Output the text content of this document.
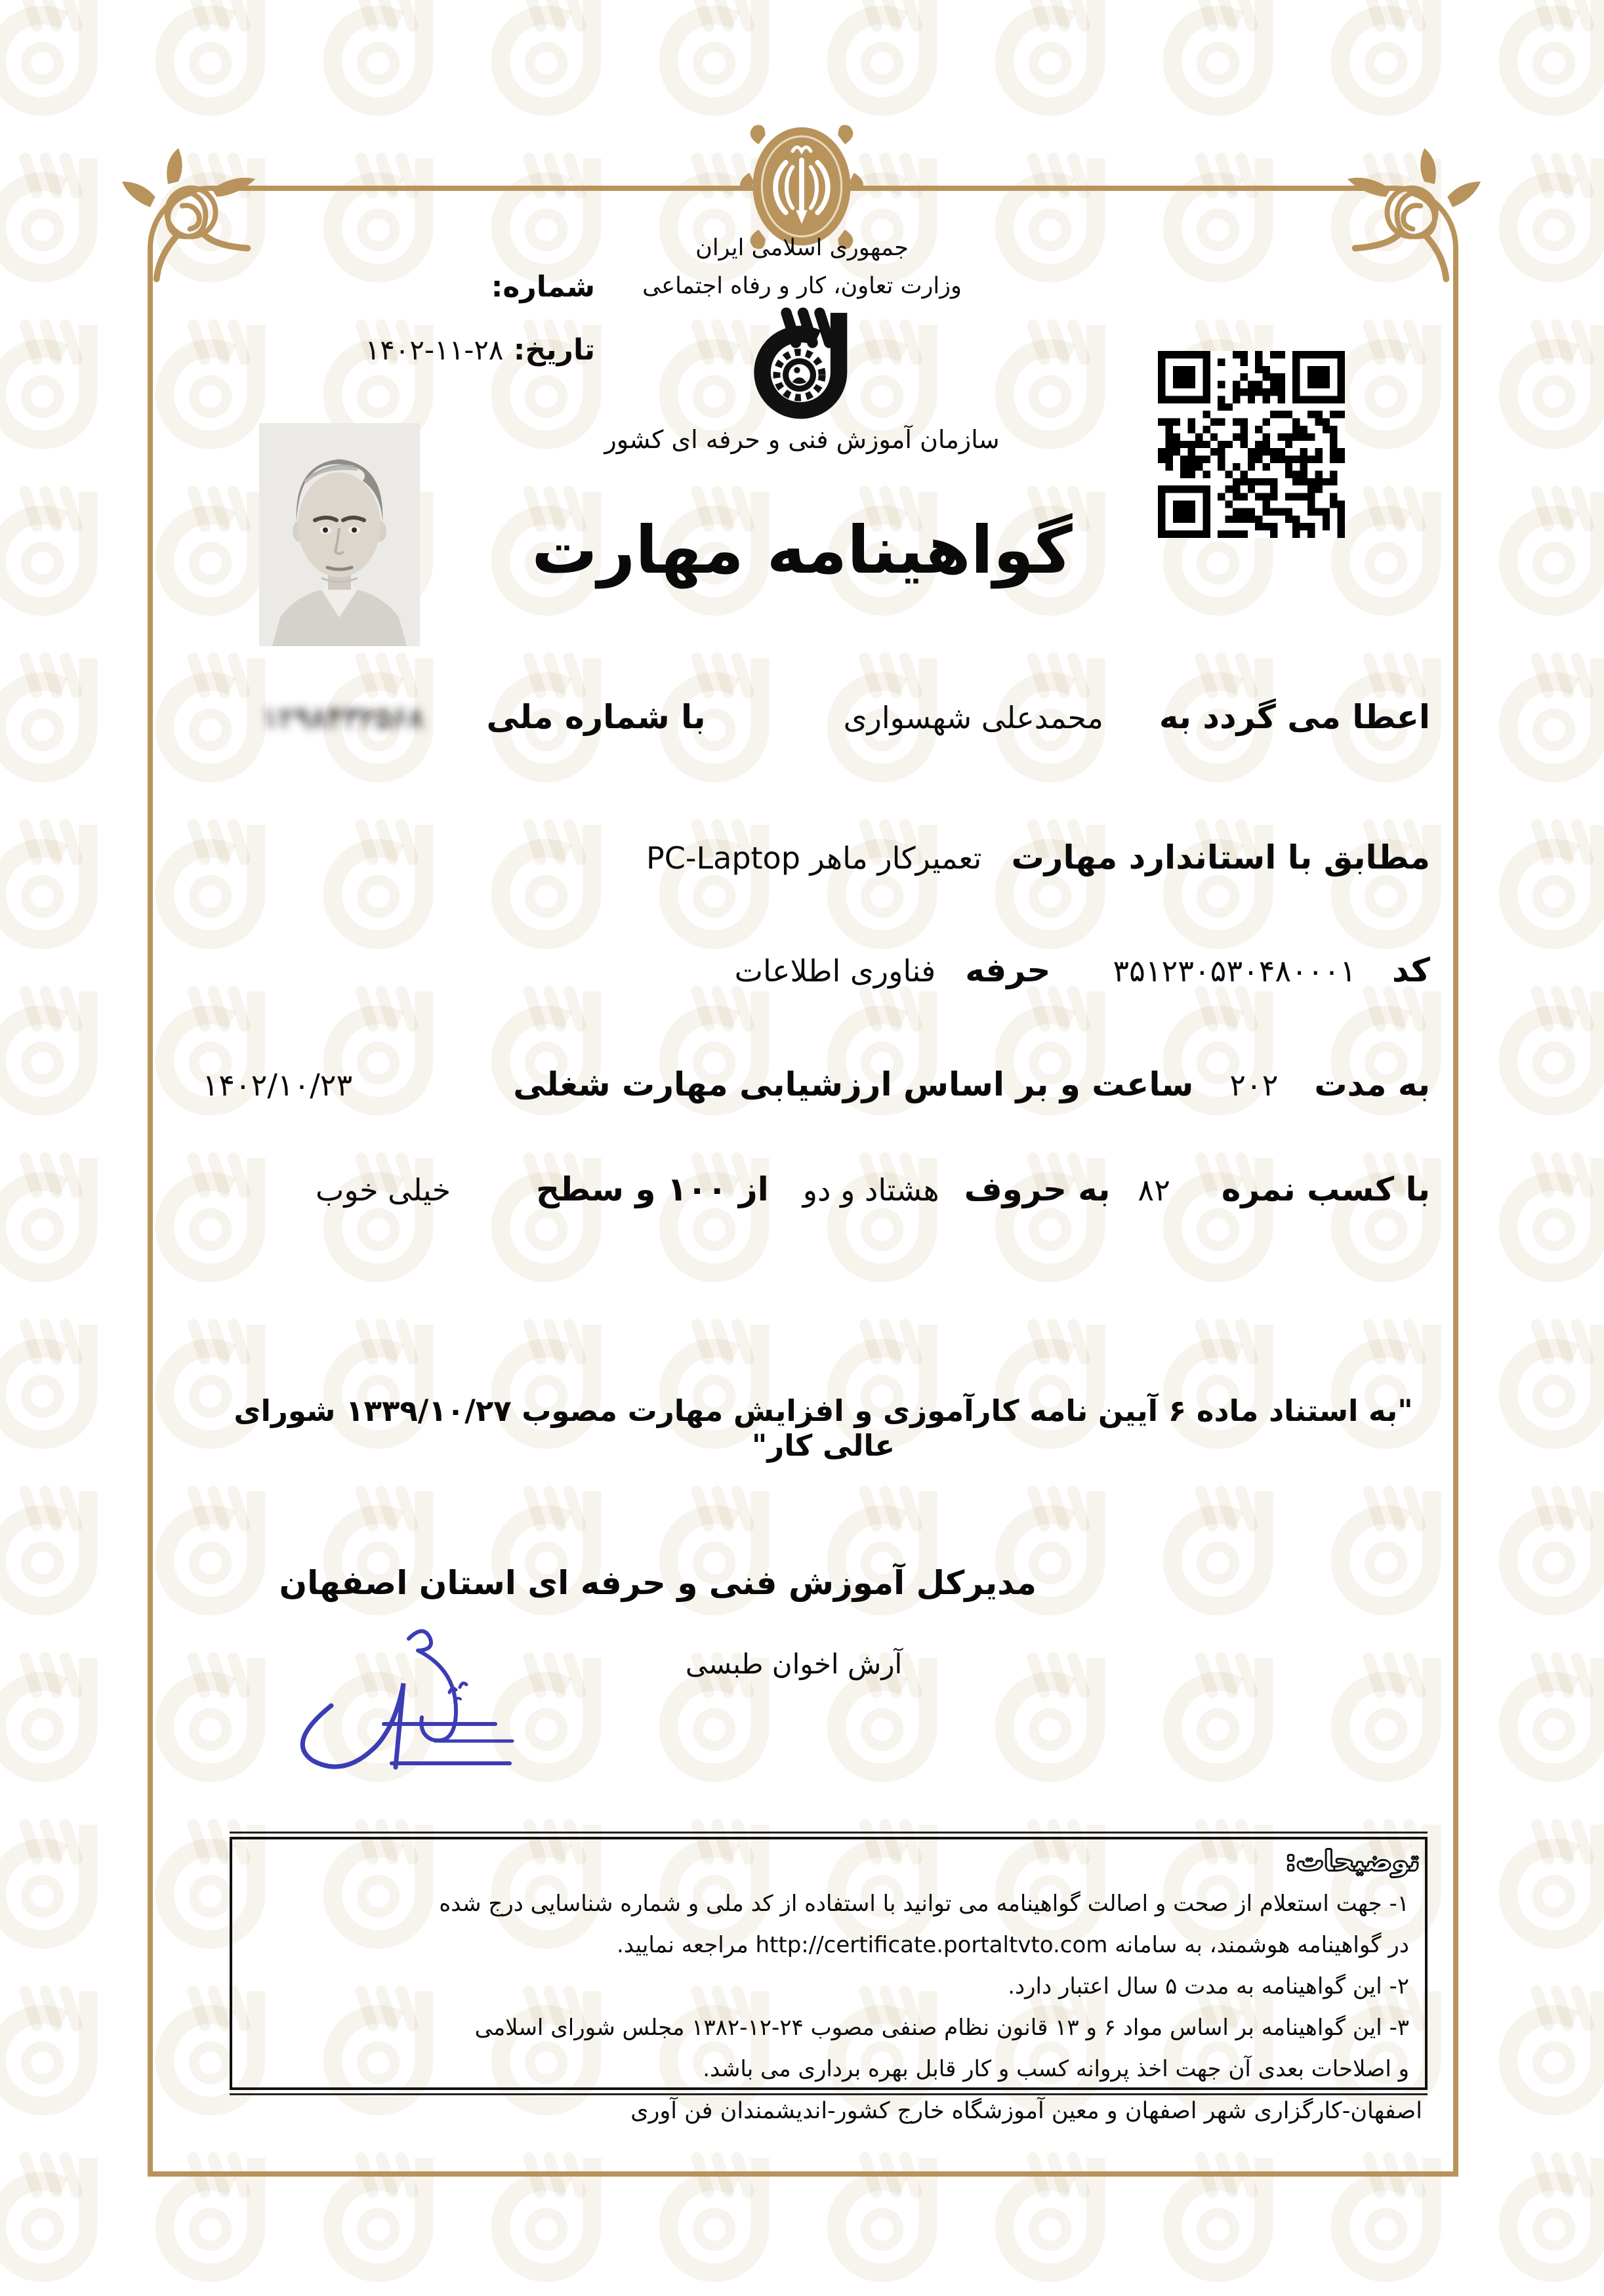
شماره:
تاریخ: ۲۸-۱۱-۱۴۰۲
جمهوری اسلامی ایران
وزارت تعاون، کار و رفاه اجتماعی
سازمان آموزش فنی و حرفه ای کشور
گواهینامه مهارت
اعطا می گردد به
محمدعلی شهسواری
با شماره ملی
۱۲۹۸۴۳۲۵۶۸
مطابق با استاندارد مهارت
تعمیرکار ماهر PC-Laptop
کد
۳۵۱۲۳۰۵۳۰۴۸۰۰۰۱
حرفه
فناوری اطلاعات
به مدت
۲۰۲
ساعت و بر اساس ارزشیابی مهارت شغلی
۱۴۰۲/۱۰/۲۳
با کسب نمره
۸۲
به حروف
هشتاد و دو
از ۱۰۰ و سطح
خیلی خوب
"به استناد ماده ۶ آیین نامه کارآموزی و افزایش مهارت مصوب ۱۳۳۹/۱۰/۲۷ شورای عالی کار"
مدیرکل آموزش فنی و حرفه ای استان اصفهان
آرش اخوان طبسی
توضیحات:
۱- جهت استعلام از صحت و اصالت گواهینامه می توانید با استفاده از کد ملی و شماره شناسایی درج شده
در گواهینامه هوشمند، به سامانه http://certificate.portaltvto.com مراجعه نمایید.
۲- این گواهینامه به مدت ۵ سال اعتبار دارد.
۳- این گواهینامه بر اساس مواد ۶ و ۱۳ قانون نظام صنفی مصوب ۲۴-۱۲-۱۳۸۲ مجلس شورای اسلامی
و اصلاحات بعدی آن جهت اخذ پروانه کسب و کار قابل بهره برداری می باشد.
اصفهان-کارگزاری شهر اصفهان و معین آموزشگاه خارج کشور-اندیشمندان فن آوری
